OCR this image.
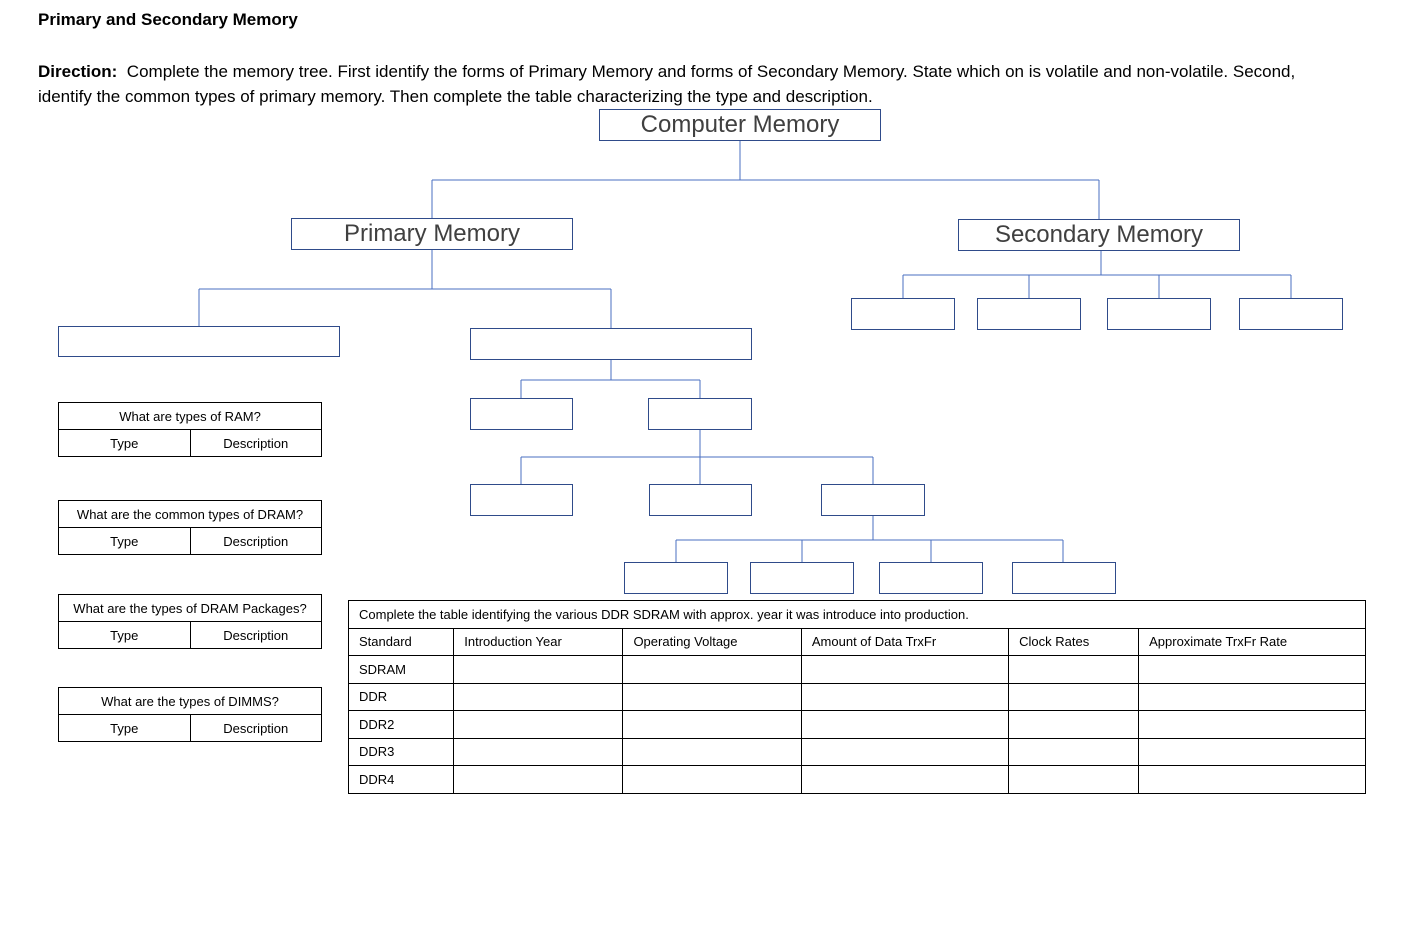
Primary and Secondary Memory
Direction: Complete the memory tree. First identify the forms of Primary Memory and forms of Secondary Memory. State which on is volatile and non-volatile. Second, identify the common types of primary memory. Then complete the table characterizing the type and description.
Computer Memory
Primary Memory	Secondary Memory
What are types of RAM?
Type	Description
What are the common types of DRAM?
Type	Description
What are the types of DRAM Packages?
Type	Description
What are the types of DIMMS?
Type	Description
Complete the table identifying the various DDR SDRAM with approx. year it was introduce into production.					
Standard	Introduction Year	Operating Voltage	Amount of Data TrxFr	Clock Rates	Approximate TrxFr Rate
SDRAM					
DDR					
DDR2					
DDR3					
DDR4					
